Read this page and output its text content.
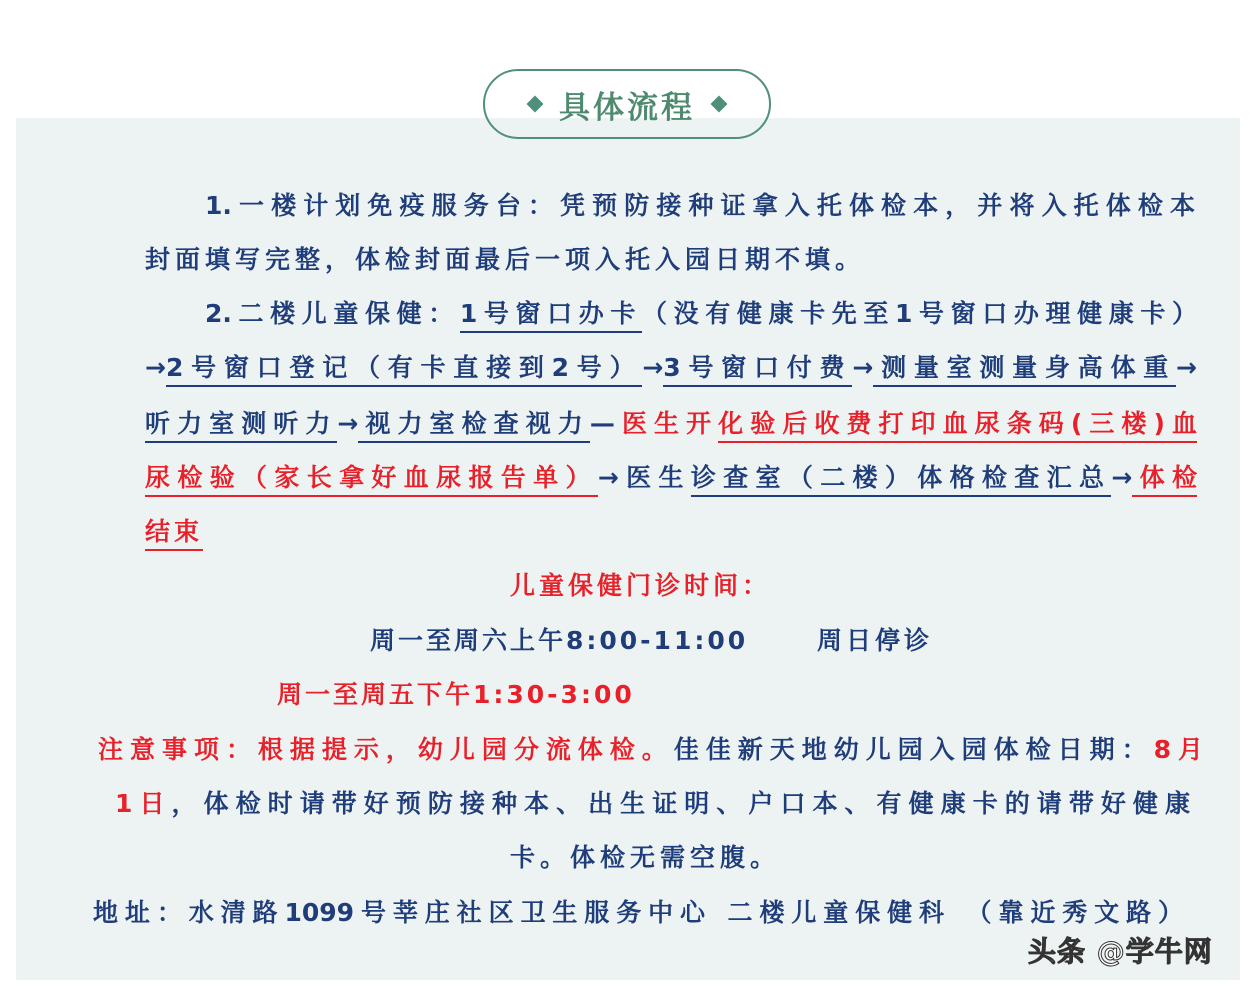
具体流程
1.一楼计划免疫服务台：凭预防接种证拿入托体检本，并将入托体检本
封面填写完整，体检封面最后一项入托入园日期不填。
2.二楼儿童保健：1号窗口办卡（没有健康卡先至1号窗口办理健康卡）
→2号窗口登记（有卡直接到2号）→3号窗口付费→测量室测量身高体重→
听力室测听力→视力室检查视力—医生开化验后收费打印血尿条码(三楼)血
尿检验（家长拿好血尿报告单）→医生诊查室（二楼）体格检查汇总→体检
结束
儿童保健门诊时间：
周一至周六上午8:00-11:00	周日停诊
周一至周五下午1:30-3:00
注意事项：根据提示，幼儿园分流体检。佳佳新天地幼儿园入园体检日期：8月
1日，体检时请带好预防接种本、出生证明、户口本、有健康卡的请带好健康
卡。体检无需空腹。
地址：水清路1099号莘庄社区卫生服务中心 二楼儿童保健科 （靠近秀文路）
头条 @学牛网
